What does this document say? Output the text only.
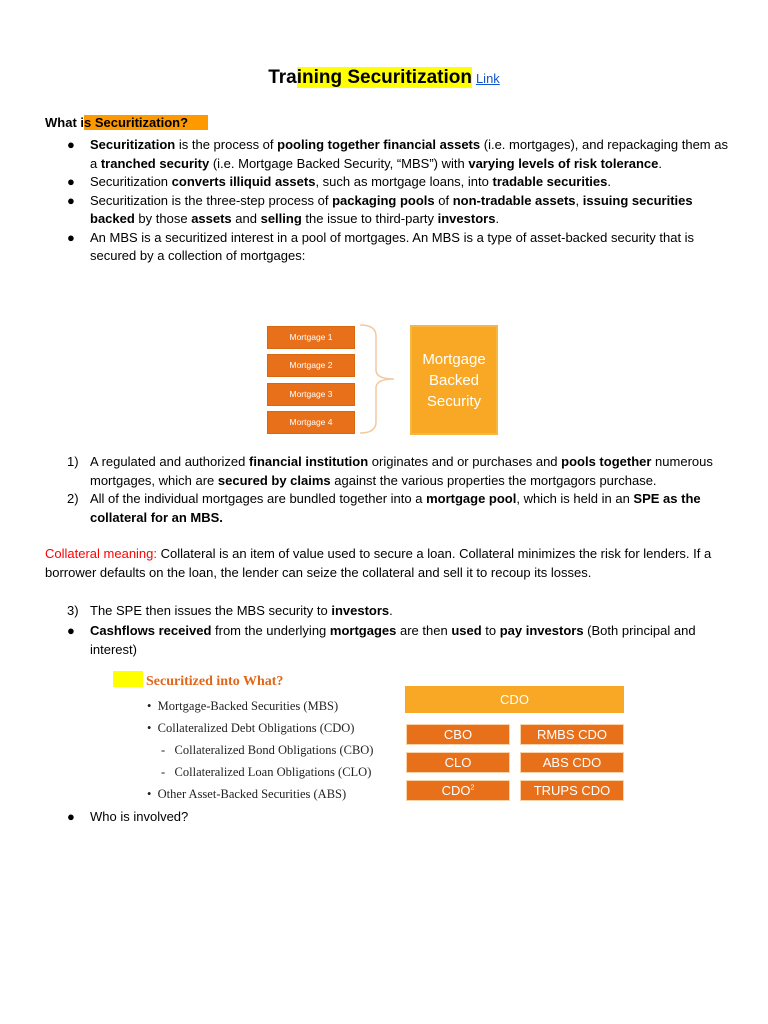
Training Securitization Link
What is Securitization?
● Securitization is the process of pooling together financial assets (i.e. mortgages), and repackaging them as a tranched security (i.e. Mortgage Backed Security, “MBS”) with varying levels of risk tolerance.
● Securitization converts illiquid assets, such as mortgage loans, into tradable securities.
● Securitization is the three-step process of packaging pools of non-tradable assets, issuing securities backed by those assets and selling the issue to third-party investors.
● An MBS is a securitized interest in a pool of mortgages. An MBS is a type of asset-backed security that is secured by a collection of mortgages:
Mortgage 1
Mortgage 2
Mortgage 3
Mortgage 4
Mortgage Backed Security
1) A regulated and authorized financial institution originates and or purchases and pools together numerous mortgages, which are secured by claims against the various properties the mortgagors purchase.
2) All of the individual mortgages are bundled together into a mortgage pool, which is held in an SPE as the collateral for an MBS.
Collateral meaning: Collateral is an item of value used to secure a loan. Collateral minimizes the risk for lenders. If a borrower defaults on the loan, the lender can seize the collateral and sell it to recoup its losses.
3) The SPE then issues the MBS security to investors.
● Cashflows received from the underlying mortgages are then used to pay investors (Both principal and interest)
Securitized into What?
• Mortgage-Backed Securities (MBS)
• Collateralized Debt Obligations (CDO)
- Collateralized Bond Obligations (CBO)
- Collateralized Loan Obligations (CLO)
• Other Asset-Backed Securities (ABS)
CDO
CBO	RMBS CDO
CLO	ABS CDO
CDO$^2$	TRUPS CDO
● Who is involved?
